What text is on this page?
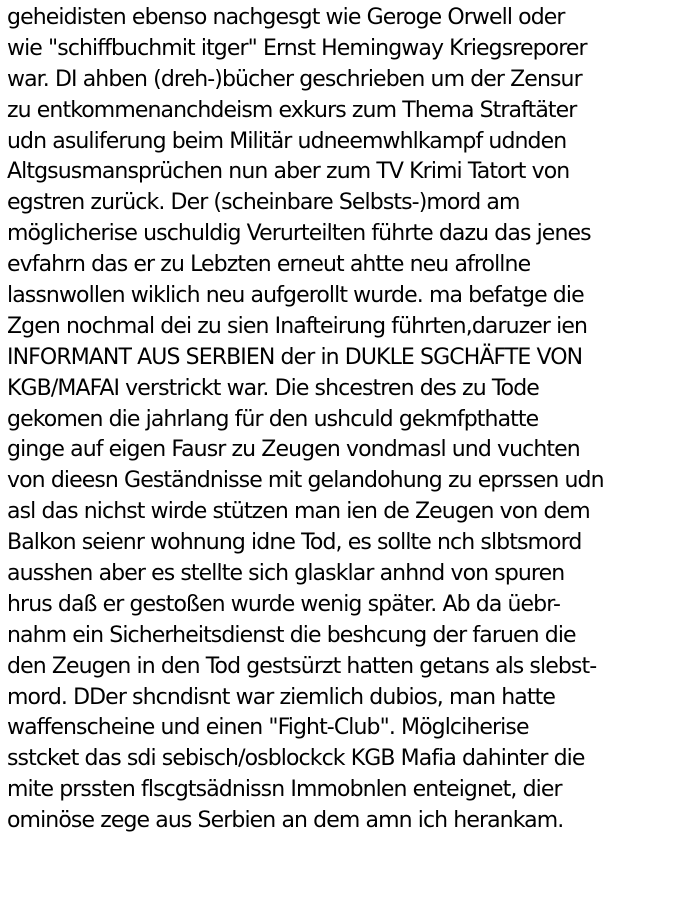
geheidisten ebenso nachgesgt wie Geroge Orwell oder
wie "schiffbuchmit itger" Ernst Hemingway Kriegsreporer
war. DI ahben (dreh-)bücher geschrieben um der Zensur
zu entkommenanchdeism exkurs zum Thema Straftäter
udn asuliferung beim Militär udneemwhlkampf udnden
Altgsusmansprüchen nun aber zum TV Krimi Tatort von
egstren zurück. Der (scheinbare Selbsts-)mord am
möglicherise uschuldig Verurteilten führte dazu das jenes
evfahrn das er zu Lebzten erneut ahtte neu afrollne
lassnwollen wiklich neu aufgerollt wurde. ma befatge die
Zgen nochmal dei zu sien Inafteirung führten,daruzer ien
INFORMANT AUS SERBIEN der in DUKLE SGCHÄFTE VON
KGB/MAFAI verstrickt war. Die shcestren des zu Tode
gekomen die jahrlang für den ushculd gekmfpthatte
ginge auf eigen Fausr zu Zeugen vondmasl und vuchten
von dieesn Geständnisse mit gelandohung zu eprssen udn
asl das nichst wirde stützen man ien de Zeugen von dem
Balkon seienr wohnung idne Tod, es sollte nch slbtsmord
ausshen aber es stellte sich glasklar anhnd von spuren
hrus daß er gestoßen wurde wenig später. Ab da üebr-
nahm ein Sicherheitsdienst die beshcung der faruen die
den Zeugen in den Tod gestsürzt hatten getans als slebst-
mord. DDer shcndisnt war ziemlich dubios, man hatte
waffenscheine und einen "Fight-Club". Möglciherise
sstcket das sdi sebisch/osblockck KGB Mafia dahinter die
mite prssten flscgtsädnissn Immobnlen enteignet, dier
ominöse zege aus Serbien an dem amn ich herankam.
